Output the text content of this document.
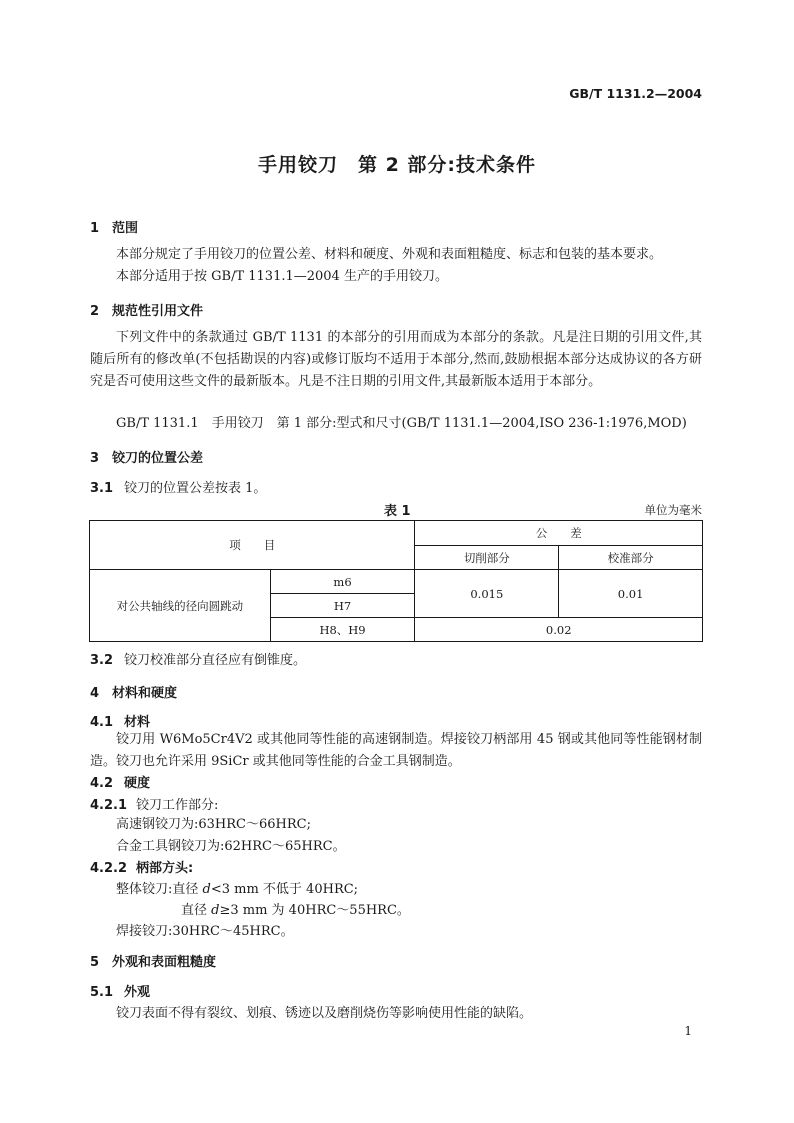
GB/T 1131.2—2004
手用铰刀　第 2 部分:技术条件
1 范围
本部分规定了手用铰刀的位置公差、材料和硬度、外观和表面粗糙度、标志和包装的基本要求。
本部分适用于按 GB/T 1131.1—2004 生产的手用铰刀。
2 规范性引用文件
下列文件中的条款通过 GB/T 1131 的本部分的引用而成为本部分的条款。凡是注日期的引用文件,其随后所有的修改单(不包括勘误的内容)或修订版均不适用于本部分,然而,鼓励根据本部分达成协议的各方研究是否可使用这些文件的最新版本。凡是不注日期的引用文件,其最新版本适用于本部分。
GB/T 1131.1　手用铰刀　第 1 部分:型式和尺寸(GB/T 1131.1—2004,ISO 236-1:1976,MOD)
3 铰刀的位置公差
3.1 铰刀的位置公差按表 1。
表 1	单位为毫米
项　　目		公　　差	
		切削部分	校准部分
对公共轴线的径向圆跳动	m6	0.015	0.01
	H7		
	H8、H9	0.02	
3.2 铰刀校准部分直径应有倒锥度。
4 材料和硬度
4.1 材料
铰刀用 W6Mo5Cr4V2 或其他同等性能的高速钢制造。焊接铰刀柄部用 45 钢或其他同等性能钢材制造。铰刀也允许采用 9SiCr 或其他同等性能的合金工具钢制造。
4.2 硬度
4.2.1 铰刀工作部分:
高速钢铰刀为:63HRC～66HRC;
合金工具钢铰刀为:62HRC～65HRC。
4.2.2 柄部方头:
整体铰刀:直径 d<3 mm 不低于 40HRC;
直径 d≥3 mm 为 40HRC～55HRC。
焊接铰刀:30HRC～45HRC。
5 外观和表面粗糙度
5.1 外观
铰刀表面不得有裂纹、划痕、锈迹以及磨削烧伤等影响使用性能的缺陷。
1
